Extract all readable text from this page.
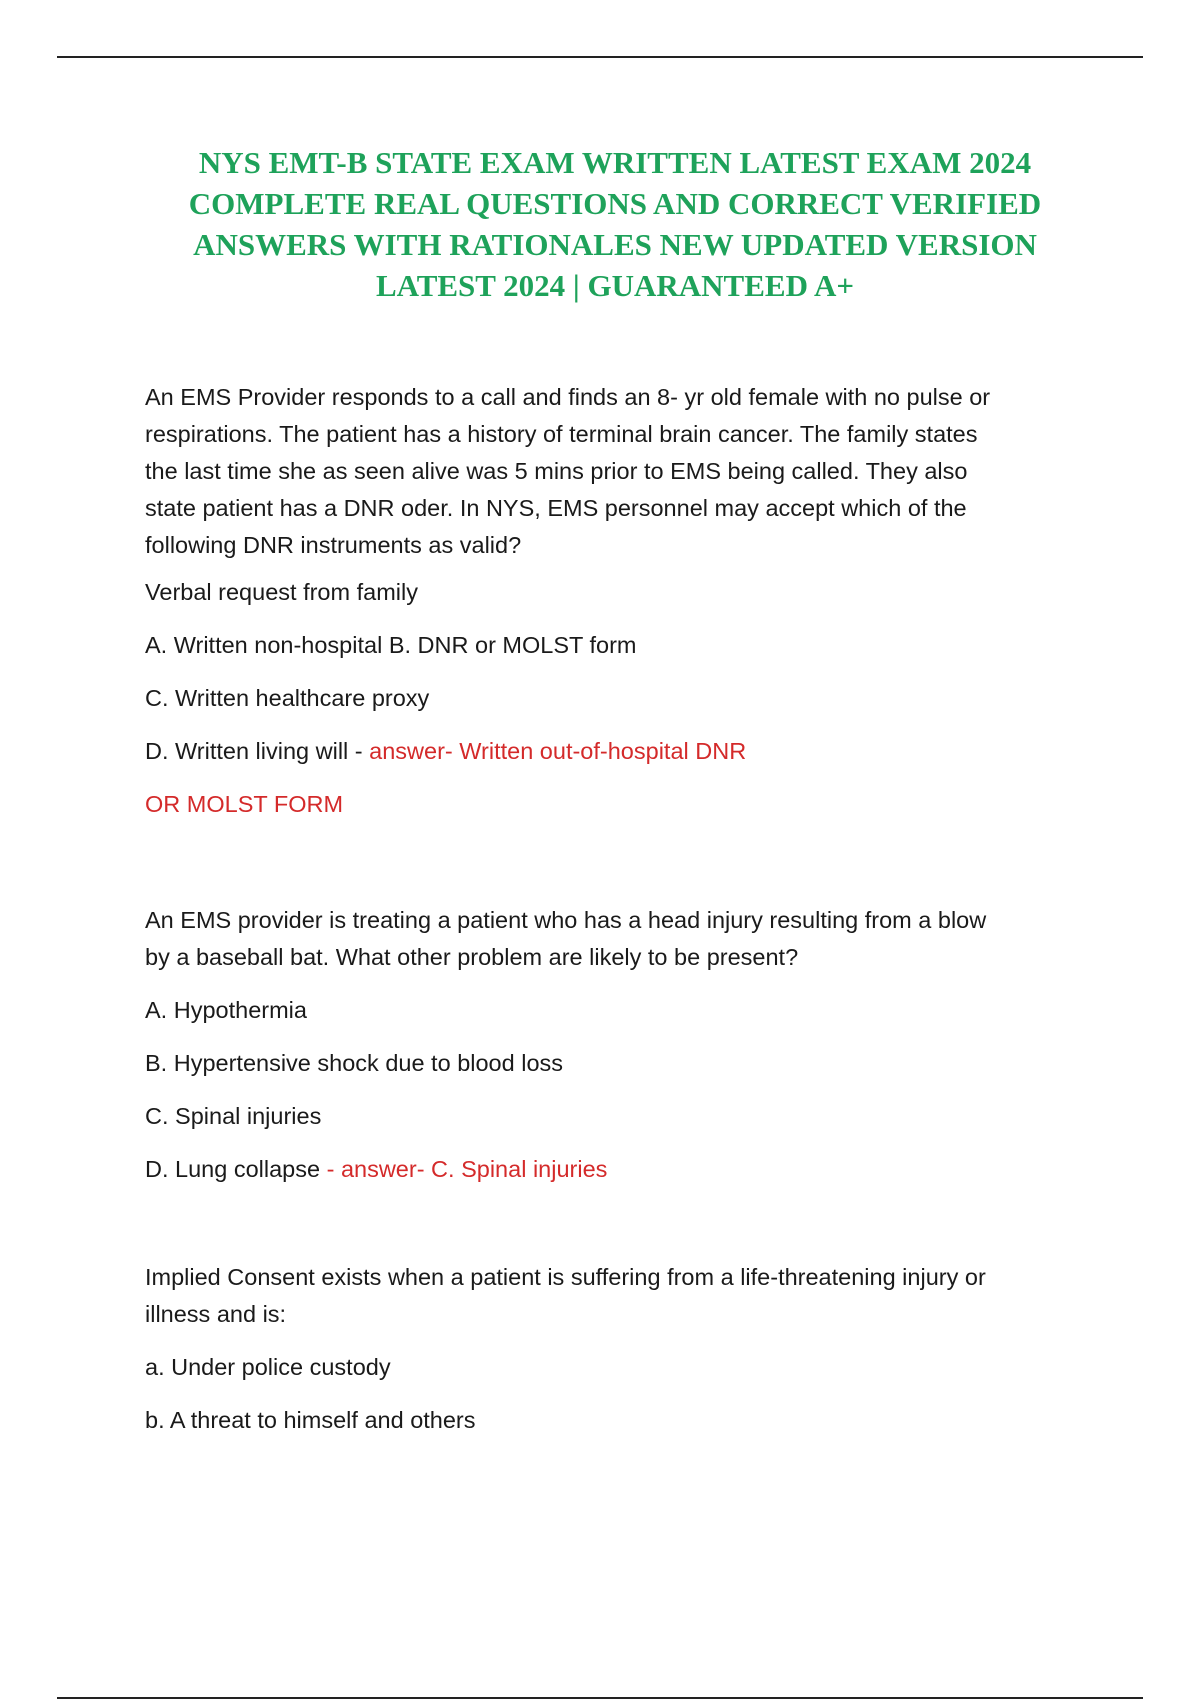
NYS EMT-B STATE EXAM WRITTEN LATEST EXAM 2024
COMPLETE REAL QUESTIONS AND CORRECT VERIFIED
ANSWERS WITH RATIONALES NEW UPDATED VERSION
LATEST 2024 | GUARANTEED A+

An EMS Provider responds to a call and finds an 8- yr old female with no pulse or

respirations. The patient has a history of terminal brain cancer. The family states

the last time she as seen alive was 5 mins prior to EMS being called. They also

state patient has a DNR oder. In NYS, EMS personnel may accept which of the

following DNR instruments as valid?

Verbal request from family

A. Written non-hospital B. DNR or MOLST form

C. Written healthcare proxy

D. Written living will - answer- Written out-of-hospital DNR

OR MOLST FORM

An EMS provider is treating a patient who has a head injury resulting from a blow

by a baseball bat. What other problem are likely to be present?

A. Hypothermia

B. Hypertensive shock due to blood loss

C. Spinal injuries

D. Lung collapse - answer- C. Spinal injuries

Implied Consent exists when a patient is suffering from a life-threatening injury or

illness and is:

a. Under police custody

b. A threat to himself and others
